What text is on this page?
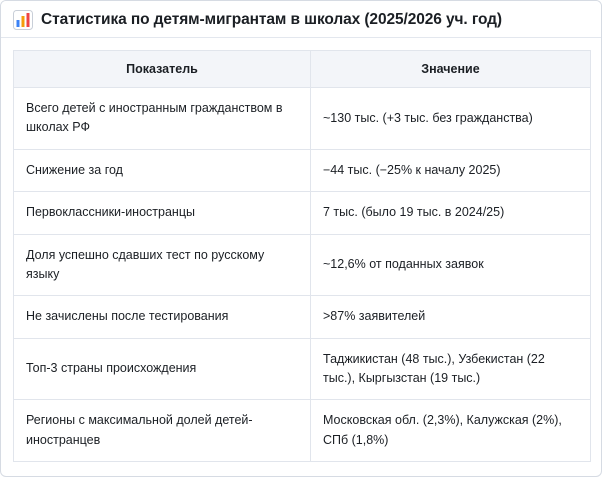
Статистика по детям-мигрантам в школах (2025/2026 уч. год)
Показатель	Значение
Всего детей с иностранным гражданством в школах РФ	~130 тыс. (+3 тыс. без гражданства)
Снижение за год	−44 тыс. (−25% к началу 2025)
Первоклассники-иностранцы	7 тыс. (было 19 тыс. в 2024/25)
Доля успешно сдавших тест по русскому языку	~12,6% от поданных заявок
Не зачислены после тестирования	>87% заявителей
Топ-3 страны происхождения	Таджикистан (48 тыс.), Узбекистан (22 тыс.), Кыргызстан (19 тыс.)
Регионы с максимальной долей детей-иностранцев	Московская обл. (2,3%), Калужская (2%), СПб (1,8%)
